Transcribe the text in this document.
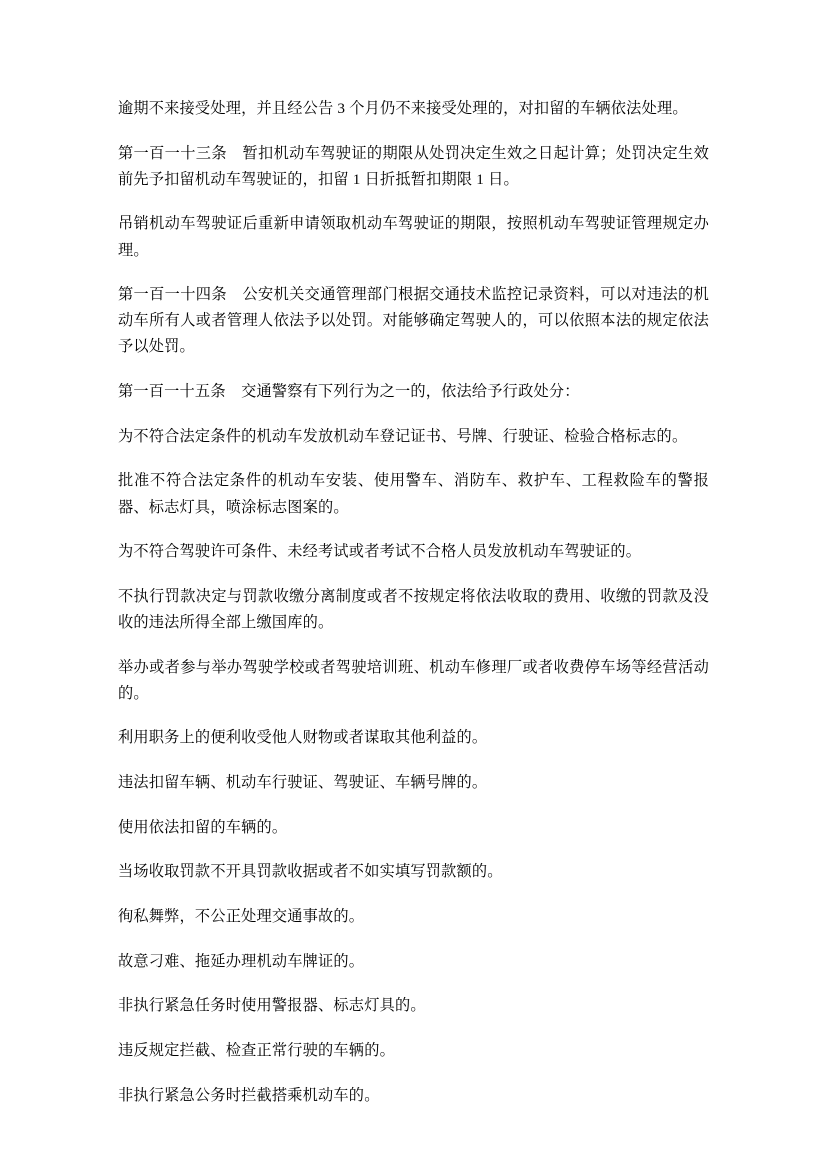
逾期不来接受处理，并且经公告 3 个月仍不来接受处理的，对扣留的车辆依法处理。

第一百一十三条　暂扣机动车驾驶证的期限从处罚决定生效之日起计算；处罚决定生效前先予扣留机动车驾驶证的，扣留 1 日折抵暂扣期限 1 日。

吊销机动车驾驶证后重新申请领取机动车驾驶证的期限，按照机动车驾驶证管理规定办理。

第一百一十四条　公安机关交通管理部门根据交通技术监控记录资料，可以对违法的机动车所有人或者管理人依法予以处罚。对能够确定驾驶人的，可以依照本法的规定依法予以处罚。

第一百一十五条　交通警察有下列行为之一的，依法给予行政处分：

为不符合法定条件的机动车发放机动车登记证书、号牌、行驶证、检验合格标志的。

批准不符合法定条件的机动车安装、使用警车、消防车、救护车、工程救险车的警报器、标志灯具，喷涂标志图案的。

为不符合驾驶许可条件、未经考试或者考试不合格人员发放机动车驾驶证的。

不执行罚款决定与罚款收缴分离制度或者不按规定将依法收取的费用、收缴的罚款及没收的违法所得全部上缴国库的。

举办或者参与举办驾驶学校或者驾驶培训班、机动车修理厂或者收费停车场等经营活动的。

利用职务上的便利收受他人财物或者谋取其他利益的。

违法扣留车辆、机动车行驶证、驾驶证、车辆号牌的。

使用依法扣留的车辆的。

当场收取罚款不开具罚款收据或者不如实填写罚款额的。

徇私舞弊，不公正处理交通事故的。

故意刁难、拖延办理机动车牌证的。

非执行紧急任务时使用警报器、标志灯具的。

违反规定拦截、检查正常行驶的车辆的。

非执行紧急公务时拦截搭乘机动车的。
